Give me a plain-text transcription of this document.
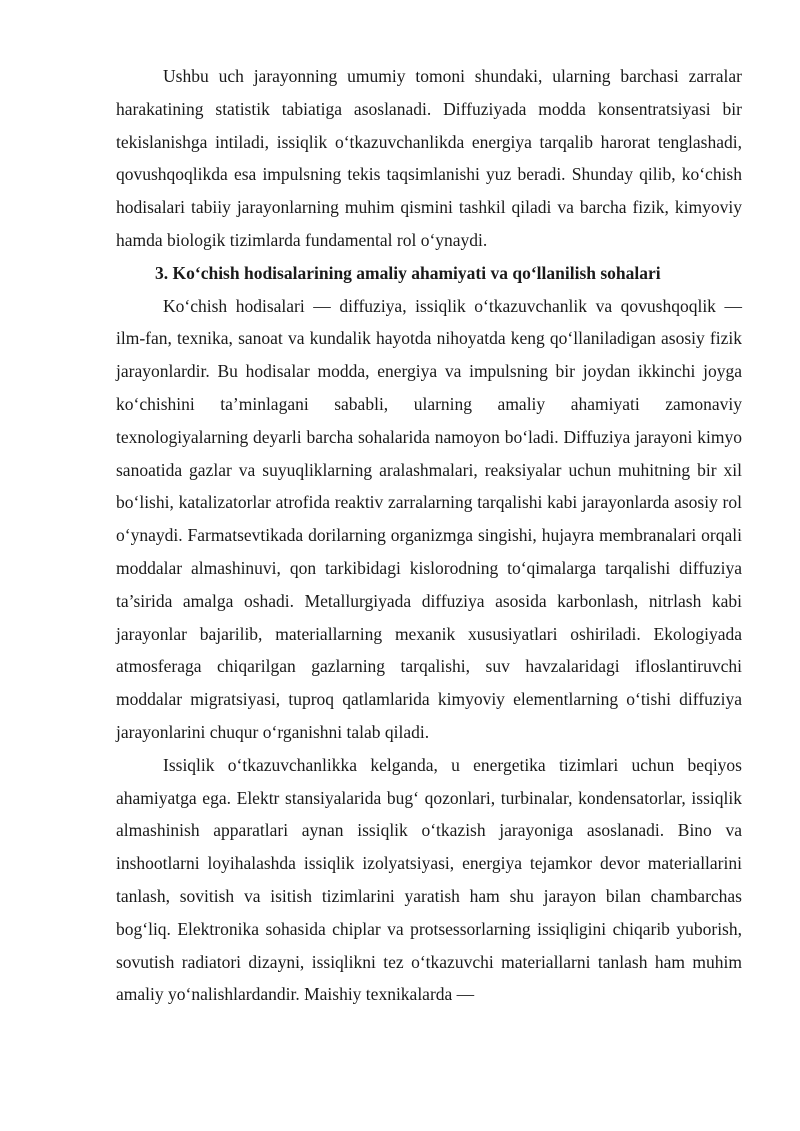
Ushbu uch jarayonning umumiy tomoni shundaki, ularning barchasi zarralar harakatining statistik tabiatiga asoslanadi. Diffuziyada modda konsentratsiyasi bir tekislanishga intiladi, issiqlik o‘tkazuvchanlikda energiya tarqalib harorat tenglashadi, qovushqoqlikda esa impulsning tekis taqsimlanishi yuz beradi. Shunday qilib, ko‘chish hodisalari tabiiy jarayonlarning muhim qismini tashkil qiladi va barcha fizik, kimyoviy hamda biologik tizimlarda fundamental rol o‘ynaydi.

3. Ko‘chish hodisalarining amaliy ahamiyati va qo‘llanilish sohalari

Ko‘chish hodisalari — diffuziya, issiqlik o‘tkazuvchanlik va qovushqoqlik — ilm-fan, texnika, sanoat va kundalik hayotda nihoyatda keng qo‘llaniladigan asosiy fizik jarayonlardir. Bu hodisalar modda, energiya va impulsning bir joydan ikkinchi joyga ko‘chishini ta’minlagani sababli, ularning amaliy ahamiyati zamonaviy texnologiyalarning deyarli barcha sohalarida namoyon bo‘ladi. Diffuziya jarayoni kimyo sanoatida gazlar va suyuqliklarning aralashmalari, reaksiyalar uchun muhitning bir xil bo‘lishi, katalizatorlar atrofida reaktiv zarralarning tarqalishi kabi jarayonlarda asosiy rol o‘ynaydi. Farmatsevtikada dorilarning organizmga singishi, hujayra membranalari orqali moddalar almashinuvi, qon tarkibidagi kislorodning to‘qimalarga tarqalishi diffuziya ta’sirida amalga oshadi. Metallurgiyada diffuziya asosida karbonlash, nitrlash kabi jarayonlar bajarilib, materiallarning mexanik xususiyatlari oshiriladi. Ekologiyada atmosferaga chiqarilgan gazlarning tarqalishi, suv havzalaridagi ifloslantiruvchi moddalar migratsiyasi, tuproq qatlamlarida kimyoviy elementlarning o‘tishi diffuziya jarayonlarini chuqur o‘rganishni talab qiladi.

Issiqlik o‘tkazuvchanlikka kelganda, u energetika tizimlari uchun beqiyos ahamiyatga ega. Elektr stansiyalarida bug‘ qozonlari, turbinalar, kondensatorlar, issiqlik almashinish apparatlari aynan issiqlik o‘tkazish jarayoniga asoslanadi. Bino va inshootlarni loyihalashda issiqlik izolyatsiyasi, energiya tejamkor devor materiallarini tanlash, sovitish va isitish tizimlarini yaratish ham shu jarayon bilan chambarchas bog‘liq. Elektronika sohasida chiplar va protsessorlarning issiqligini chiqarib yuborish, sovutish radiatori dizayni, issiqlikni tez o‘tkazuvchi materiallarni tanlash ham muhim amaliy yo‘nalishlardandir. Maishiy texnikalarda —
